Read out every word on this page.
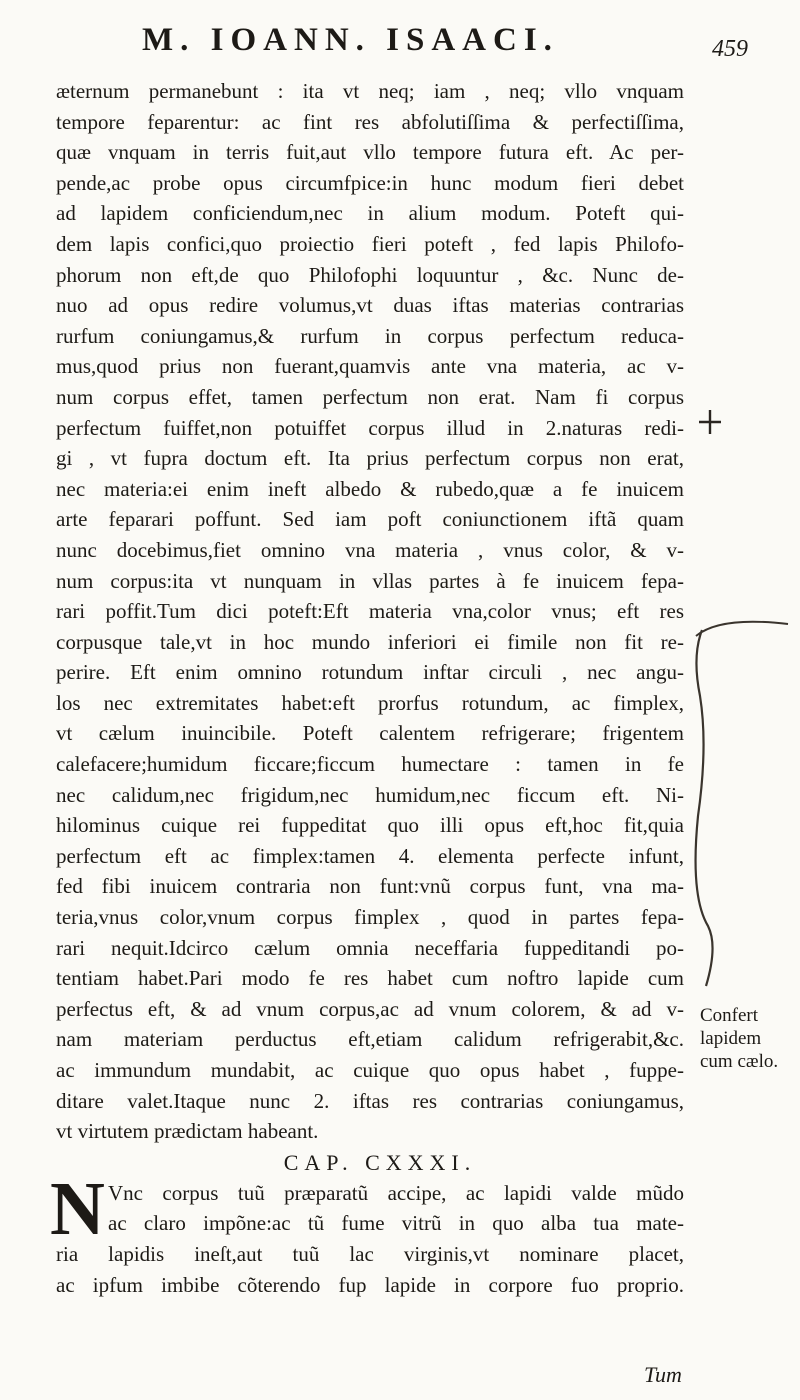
M. IOANN. ISAACI.	459
æternum permanebunt : ita vt neq; iam , neq; vllo vnquam
tempore feparentur: ac fint res abfolutiſſima & perfectiſſima,
quæ vnquam in terris fuit,aut vllo tempore futura eft. Ac per-
pende,ac probe opus circumfpice:in hunc modum fieri debet
ad lapidem conficiendum,nec in alium modum. Poteft qui-
dem lapis confici,quo proiectio fieri poteft , fed lapis Philofo-
phorum non eft,de quo Philofophi loquuntur , &c. Nunc de-
nuo ad opus redire volumus,vt duas iftas materias contrarias
rurfum coniungamus,& rurfum in corpus perfectum reduca-
mus,quod prius non fuerant,quamvis ante vna materia, ac v-
num corpus effet, tamen perfectum non erat. Nam fi corpus
perfectum fuiffet,non potuiffet corpus illud in 2.naturas redi-
gi , vt fupra doctum eft. Ita prius perfectum corpus non erat,
nec materia:ei enim ineft albedo & rubedo,quæ a fe inuicem
arte feparari poffunt. Sed iam poft coniunctionem iftã quam
nunc docebimus,fiet omnino vna materia , vnus color, & v-
num corpus:ita vt nunquam in vllas partes à fe inuicem fepa-
rari poffit.Tum dici poteft:Eft materia vna,color vnus; eft res
corpusque tale,vt in hoc mundo inferiori ei fimile non fit re-
perire. Eft enim omnino rotundum inftar circuli , nec angu-
los nec extremitates habet:eft prorfus rotundum, ac fimplex,
vt cælum inuincibile. Poteft calentem refrigerare; frigentem
calefacere;humidum ficcare;ficcum humectare : tamen in fe
nec calidum,nec frigidum,nec humidum,nec ficcum eft. Ni-
hilominus cuique rei fuppeditat quo illi opus eft,hoc fit,quia
perfectum eft ac fimplex:tamen 4. elementa perfecte infunt,
fed fibi inuicem contraria non funt:vnũ corpus funt, vna ma-
teria,vnus color,vnum corpus fimplex , quod in partes fepa-
rari nequit.Idcirco cælum omnia neceffaria fuppeditandi po-
tentiam habet.Pari modo fe res habet cum noftro lapide cum
perfectus eft, & ad vnum corpus,ac ad vnum colorem, & ad v-
nam materiam perductus eft,etiam calidum refrigerabit,&c.
ac immundum mundabit, ac cuique quo opus habet , fuppe-
ditare valet.Itaque nunc 2. iftas res contrarias coniungamus,
vt virtutem prædictam habeant.
CAP. CXXXI.
N Vnc corpus tuũ præparatũ accipe, ac lapidi valde mũdo
ac claro impõne:ac tũ fume vitrũ in quo alba tua mate-
ria lapidis ineſt,aut tuũ lac virginis,vt nominare placet,
ac ipfum imbibe cõterendo fup lapide in corpore fuo proprio.
Tum
Confert
lapidem
cum cælo.
